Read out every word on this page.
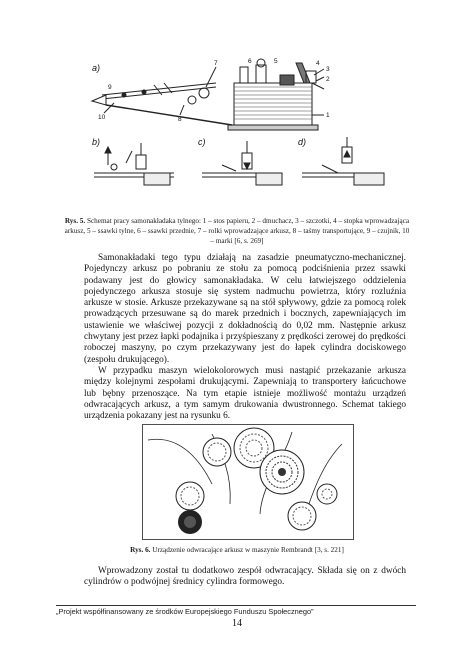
a)
b)	c)	d)
1
2
3
4
5
6
7
8
9
10
Rys. 5. Schemat pracy samonakładaka tylnego: 1 – stos papieru, 2 – dmuchacz, 3 – szczotki, 4 – stopka wprowadzająca arkusz, 5 – ssawki tylne, 6 – ssawki przednie, 7 – rolki wprowadzające arkusz, 8 – taśmy transportujące, 9 – czujnik, 10 – marki [6, s. 269]

Samonakładaki tego typu działają na zasadzie pneumatyczno-mechanicznej. Pojedynczy arkusz po pobraniu ze stołu za pomocą podciśnienia przez ssawki podawany jest do głowicy samonakładaka. W celu łatwiejszego oddzielenia pojedynczego arkusza stosuje się system nadmuchu powietrza, który rozluźnia arkusze w stosie. Arkusze przekazywane są na stół spływowy, gdzie za pomocą rolek prowadzących przesuwane są do marek przednich i bocznych, zapewniających im ustawienie we właściwej pozycji z dokładnością do 0,02 mm. Następnie arkusz chwytany jest przez łapki podajnika i przyśpieszany z prędkości zerowej do prędkości roboczej maszyny, po czym przekazywany jest do łapek cylindra dociskowego (zespołu drukującego).

W przypadku maszyn wielokolorowych musi nastąpić przekazanie arkusza między kolejnymi zespołami drukującymi. Zapewniają to transportery łańcuchowe lub bębny przenoszące. Na tym etapie istnieje możliwość montażu urządzeń odwracających arkusz, a tym samym drukowania dwustronnego. Schemat takiego urządzenia pokazany jest na rysunku 6.

Rys. 6. Urządzenie odwracające arkusz w maszynie Rembrandt [3, s. 221]

Wprowadzony został tu dodatkowo zespół odwracający. Składa się on z dwóch cylindrów o podwójnej średnicy cylindra formowego.

„Projekt współfinansowany ze środków Europejskiego Funduszu Społecznego”
14
